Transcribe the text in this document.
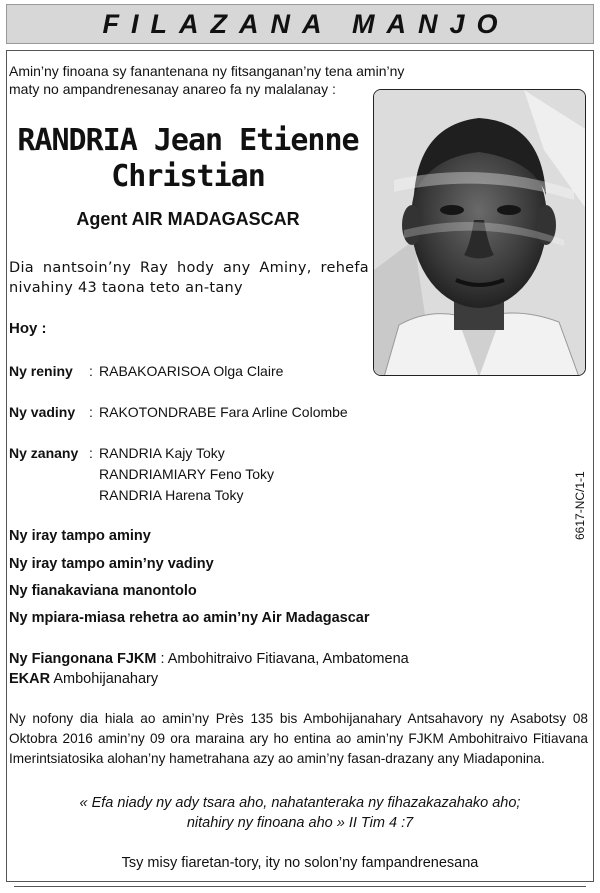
FILAZANA MANJO
Amin’ny finoana sy fanantenana ny fitsanganan’ny tena amin’ny maty no ampandrenesanay anareo fa ny malalanay :
RANDRIA Jean Etienne
Christian
Agent AIR MADAGASCAR
Dia nantsoin’ny Ray hody any Aminy, rehefa nivahiny 43 taona teto an-tany
Hoy :
Ny reniny	: RABAKOARISOA Olga Claire
Ny vadiny : RAKOTONDRABE Fara Arline Colombe
Ny zanany : RANDRIA Kajy Toky
RANDRIAMIARY Feno Toky
RANDRIA Harena Toky
Ny iray tampo aminy
Ny iray tampo amin’ny vadiny
Ny fianakaviana manontolo
Ny mpiara-miasa rehetra ao amin’ny Air Madagascar
Ny Fiangonana FJKM : Ambohitraivo Fitiavana, Ambatomena
EKAR Ambohijanahary
Ny nofony dia hiala ao amin’ny Près 135 bis Ambohijanahary Antsahavory ny Asabotsy 08 Oktobra 2016 amin’ny 09 ora maraina ary ho entina ao amin’ny FJKM Ambohitraivo Fitiavana Imerintsiatosika alohan’ny hametrahana azy ao amin’ny fasan-drazany any Miadaponina.
« Efa niady ny ady tsara aho, nahatanteraka ny fihazakazahako aho;
nitahiry ny finoana aho » II Tim 4 :7
Tsy misy fiaretan-tory, ity no solon’ny fampandrenesana
6617-NC/1-1
